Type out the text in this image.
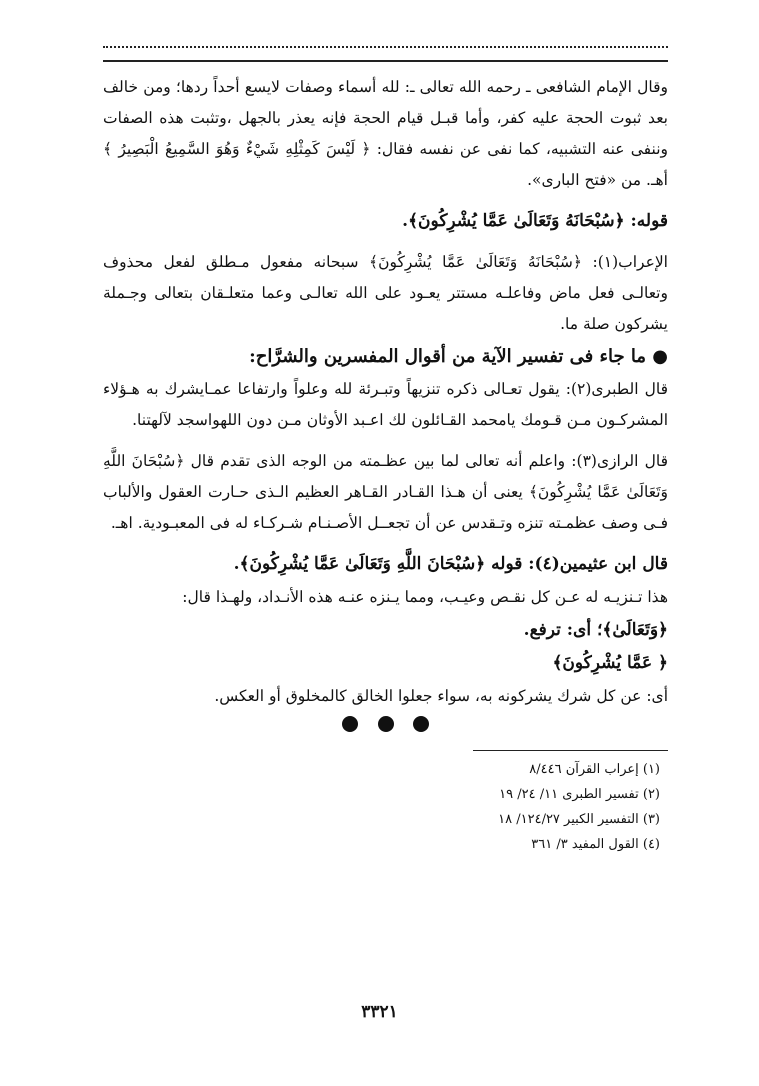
وقال الإمام الشافعى ـ رحمه الله تعالى ـ: لله أسماء وصفات لايسع أحداً ردها؛ ومن خالف بعد ثبوت الحجة عليه كفر، وأما قبـل قيام الحجة فإنه يعذر بالجهل ،وتثبت هذه الصفات وننفى عنه التشبيه، كما نفى عن نفسه فقال: ﴿ لَيْسَ كَمِثْلِهِ شَيْءٌ وَهُوَ السَّمِيعُ الْبَصِيرُ ﴾ أهـ. من «فتح البارى».

قوله: ﴿سُبْحَانَهُ وَتَعَالَىٰ عَمَّا يُشْرِكُونَ﴾.

الإعراب(١): ﴿سُبْحَانَهُ وَتَعَالَىٰ عَمَّا يُشْرِكُونَ﴾ سبحانه مفعول مـطلق لفعل محذوف وتعالـى فعل ماض وفاعلـه مستتر يعـود على الله تعالـى وعما متعلـقان بتعالى وجـملة يشركون صلة ما.

● ما جاء فى تفسير الآية من أقوال المفسرين والشرَّاح:

قال الطبرى(٢): يقول تعـالى ذكره تنزيهاً وتبـرئة لله وعلواً وارتفاعا عمـايشرك به هـؤلاء المشركـون مـن قـومك يامحمد القـائلون لك اعـبد الأوثان مـن دون اللهواسجد لآلهتنا.

قال الرازى(٣): واعلم أنه تعالى لما بين عظـمته من الوجه الذى تقدم قال ﴿سُبْحَانَ اللَّهِ وَتَعَالَىٰ عَمَّا يُشْرِكُونَ﴾ يعنى أن هـذا القـادر القـاهر العظيم الـذى حـارت العقول والألباب فـى وصف عظمـته تنزه وتـقدس عن أن تجعــل الأصـنـام شـركـاء له فى المعبـودية. اهـ.

قال ابن عثيمين(٤): قوله ﴿سُبْحَانَ اللَّهِ وَتَعَالَىٰ عَمَّا يُشْرِكُونَ﴾.

هذا تـنزيـه له عـن كل نقـص وعيـب، ومما يـنزه عنـه هذه الأنـداد، ولهـذا قال:

﴿وَتَعَالَىٰ﴾؛ أى: ترفع.

﴿ عَمَّا يُشْرِكُونَ﴾

أى: عن كل شرك يشركونه به، سواء جعلوا الخالق كالمخلوق أو العكس.

(١) إعراب القرآن ٨/٤٤٦

(٢) تفسير الطبرى ١١/ ٢٤/ ١٩

(٣) التفسير الكبير ١٢٤/٢٧/ ١٨

(٤) القول المفيد ٣/ ٣٦١

٣٣٢١
